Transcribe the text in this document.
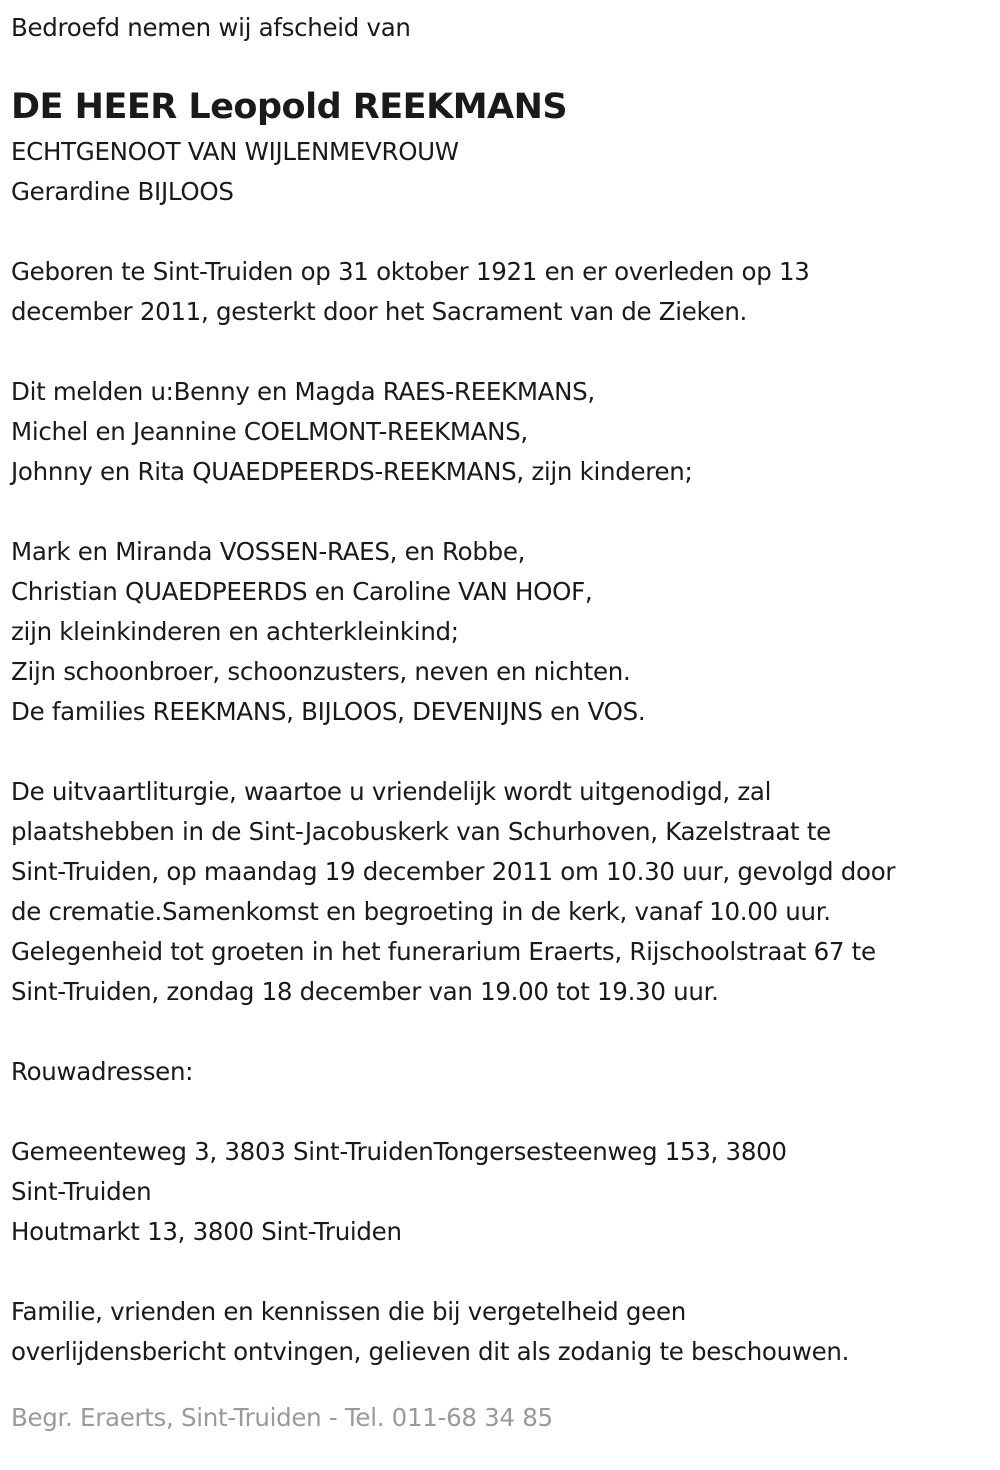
Bedroefd nemen wij afscheid van
DE HEER Leopold REEKMANS
ECHTGENOOT VAN WIJLENMEVROUW
Gerardine BIJLOOS
Geboren te Sint-Truiden op 31 oktober 1921 en er overleden op 13
december 2011, gesterkt door het Sacrament van de Zieken.
Dit melden u:Benny en Magda RAES-REEKMANS,
Michel en Jeannine COELMONT-REEKMANS,
Johnny en Rita QUAEDPEERDS-REEKMANS, zijn kinderen;
Mark en Miranda VOSSEN-RAES, en Robbe,
Christian QUAEDPEERDS en Caroline VAN HOOF,
zijn kleinkinderen en achterkleinkind;
Zijn schoonbroer, schoonzusters, neven en nichten.
De families REEKMANS, BIJLOOS, DEVENIJNS en VOS.
De uitvaartliturgie, waartoe u vriendelijk wordt uitgenodigd, zal
plaatshebben in de Sint-Jacobuskerk van Schurhoven, Kazelstraat te
Sint-Truiden, op maandag 19 december 2011 om 10.30 uur, gevolgd door
de crematie.Samenkomst en begroeting in de kerk, vanaf 10.00 uur.
Gelegenheid tot groeten in het funerarium Eraerts, Rijschoolstraat 67 te
Sint-Truiden, zondag 18 december van 19.00 tot 19.30 uur.
Rouwadressen:
Gemeenteweg 3, 3803 Sint-TruidenTongersesteenweg 153, 3800
Sint-Truiden
Houtmarkt 13, 3800 Sint-Truiden
Familie, vrienden en kennissen die bij vergetelheid geen
overlijdensbericht ontvingen, gelieven dit als zodanig te beschouwen.
Begr. Eraerts, Sint-Truiden - Tel. 011-68 34 85
